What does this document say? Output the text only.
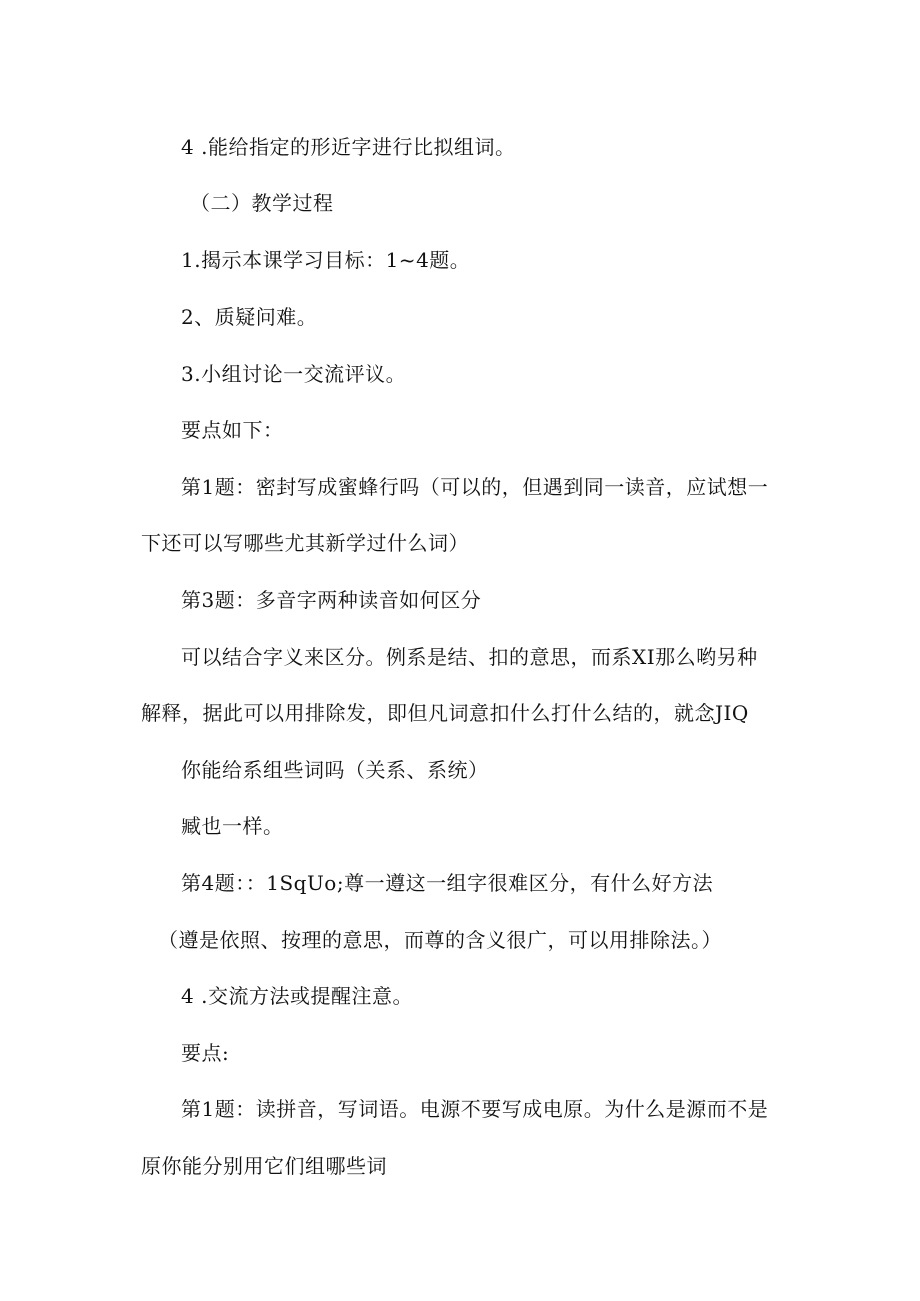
4 .能给指定的形近字进行比拟组词。
（二）教学过程
1.揭示本课学习目标：1~4题。
2、质疑问难。
3.小组讨论一交流评议。
要点如下：
第1题：密封写成蜜蜂行吗（可以的，但遇到同一读音，应试想一
下还可以写哪些尤其新学过什么词）
第3题：多音字两种读音如何区分
可以结合字义来区分。例系是结、扣的意思，而系XI那么哟另种
解释，据此可以用排除发，即但凡词意扣什么打什么结的，就念JIQ
你能给系组些词吗（关系、系统）
臧也一样。
第4题：：1SqUo;尊一遵这一组字很难区分，有什么好方法
（遵是依照、按理的意思，而尊的含义很广，可以用排除法。）
4 .交流方法或提醒注意。
要点:
第1题：读拼音，写词语。电源不要写成电原。为什么是源而不是
原你能分别用它们组哪些词
